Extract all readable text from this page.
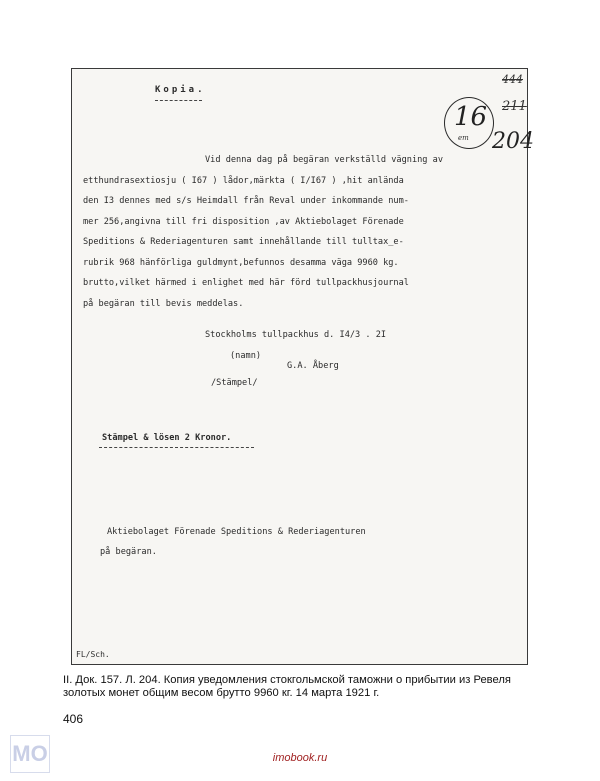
Kopia.
16
em
444
211
204
Vid denna dag på begäran verkställd vägning av
etthundrasextiosju ( I67 ) lådor,märkta ( I/I67 ) ,hit anlända
den I3 dennes med s/s Heimdall från Reval under inkommande num-
mer 256,angivna till fri disposition ,av Aktiebolaget Förenade
Speditions & Rederiagenturen samt innehållande till tulltax_e-
rubrik 968 hänförliga guldmynt,befunnos desamma väga 9960 kg.
brutto,vilket härmed i enlighet med här förd tullpackhusjournal
på begäran till bevis meddelas.
Stockholms tullpackhus d. I4/3 . 2I
(namn)
G.A. Åberg
/Stämpel/
Stämpel & lösen 2 Kronor.
Aktiebolaget Förenade Speditions & Rederiagenturen
på begäran.
FL/Sch.
II. Док. 157. Л. 204. Копия уведомления стокгольмской таможни о прибытии из Ревеля золотых монет общим весом брутто 9960 кг. 14 марта 1921 г.
406
MO	imobook.ru
